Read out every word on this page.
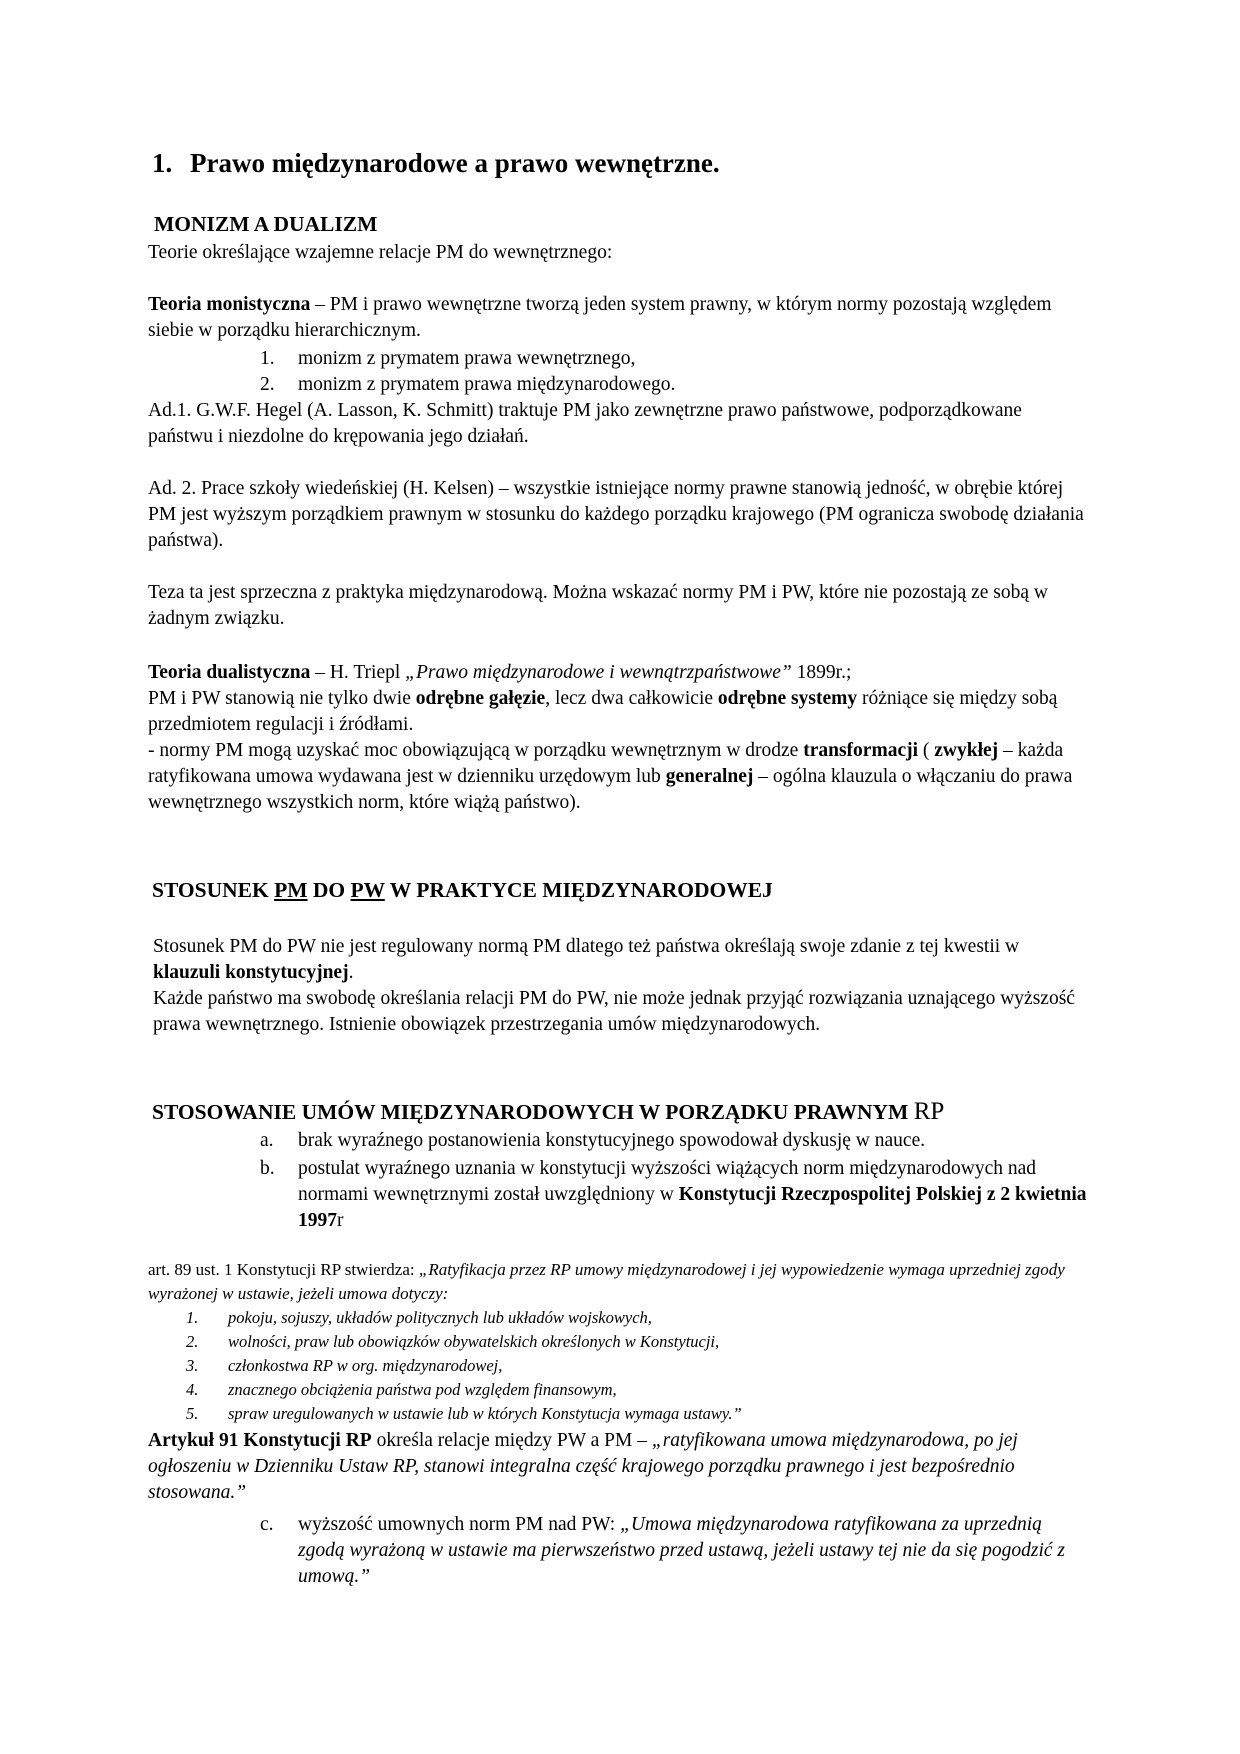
1. Prawo międzynarodowe a prawo wewnętrzne.
MONIZM A DUALIZM

Teorie określające wzajemne relacje PM do wewnętrznego:

Teoria monistyczna – PM i prawo wewnętrzne tworzą jeden system prawny, w którym normy pozostają względem siebie w porządku hierarchicznym.

1.	monizm z prymatem prawa wewnętrznego,
2.	monizm z prymatem prawa międzynarodowego.

Ad.1. G.W.F. Hegel (A. Lasson, K. Schmitt) traktuje PM jako zewnętrzne prawo państwowe, podporządkowane państwu i niezdolne do krępowania jego działań.

Ad. 2. Prace szkoły wiedeńskiej (H. Kelsen) – wszystkie istniejące normy prawne stanowią jedność, w obrębie której PM jest wyższym porządkiem prawnym w stosunku do każdego porządku krajowego (PM ogranicza swobodę działania państwa).

Teza ta jest sprzeczna z praktyka międzynarodową. Można wskazać normy PM i PW, które nie pozostają ze sobą w żadnym związku.

Teoria dualistyczna – H. Triepl „Prawo międzynarodowe i wewnątrzpaństwowe” 1899r.;
PM i PW stanowią nie tylko dwie odrębne gałęzie, lecz dwa całkowicie odrębne systemy różniące się między sobą przedmiotem regulacji i źródłami.
- normy PM mogą uzyskać moc obowiązującą w porządku wewnętrznym w drodze transformacji ( zwykłej – każda ratyfikowana umowa wydawana jest w dzienniku urzędowym lub generalnej – ogólna klauzula o włączaniu do prawa wewnętrznego wszystkich norm, które wiążą państwo).

STOSUNEK PM DO PW W PRAKTYCE MIĘDZYNARODOWEJ

Stosunek PM do PW nie jest regulowany normą PM dlatego też państwa określają swoje zdanie z tej kwestii w klauzuli konstytucyjnej.

Każde państwo ma swobodę określania relacji PM do PW, nie może jednak przyjąć rozwiązania uznającego wyższość prawa wewnętrznego. Istnienie obowiązek przestrzegania umów międzynarodowych.

STOSOWANIE UMÓW MIĘDZYNARODOWYCH W PORZĄDKU PRAWNYM RP
a.	brak wyraźnego postanowienia konstytucyjnego spowodował dyskusję w nauce.
b.	postulat wyraźnego uznania w konstytucji wyższości wiążących norm międzynarodowych nad normami wewnętrznymi został uwzględniony w Konstytucji Rzeczpospolitej Polskiej z 2 kwietnia 1997r

art. 89 ust. 1 Konstytucji RP stwierdza: „Ratyfikacja przez RP umowy międzynarodowej i jej wypowiedzenie wymaga uprzedniej zgody wyrażonej w ustawie, jeżeli umowa dotyczy:

1.	pokoju, sojuszy, układów politycznych lub układów wojskowych,
2.	wolności, praw lub obowiązków obywatelskich określonych w Konstytucji,
3.	członkostwa RP w org. międzynarodowej,
4.	znacznego obciążenia państwa pod względem finansowym,
5.	spraw uregulowanych w ustawie lub w których Konstytucja wymaga ustawy.”

Artykuł 91 Konstytucji RP określa relacje między PW a PM – „ratyfikowana umowa międzynarodowa, po jej ogłoszeniu w Dzienniku Ustaw RP, stanowi integralna część krajowego porządku prawnego i jest bezpośrednio stosowana.”

c.	wyższość umownych norm PM nad PW: „Umowa międzynarodowa ratyfikowana za uprzednią zgodą wyrażoną w ustawie ma pierwszeństwo przed ustawą, jeżeli ustawy tej nie da się pogodzić z umową.”
